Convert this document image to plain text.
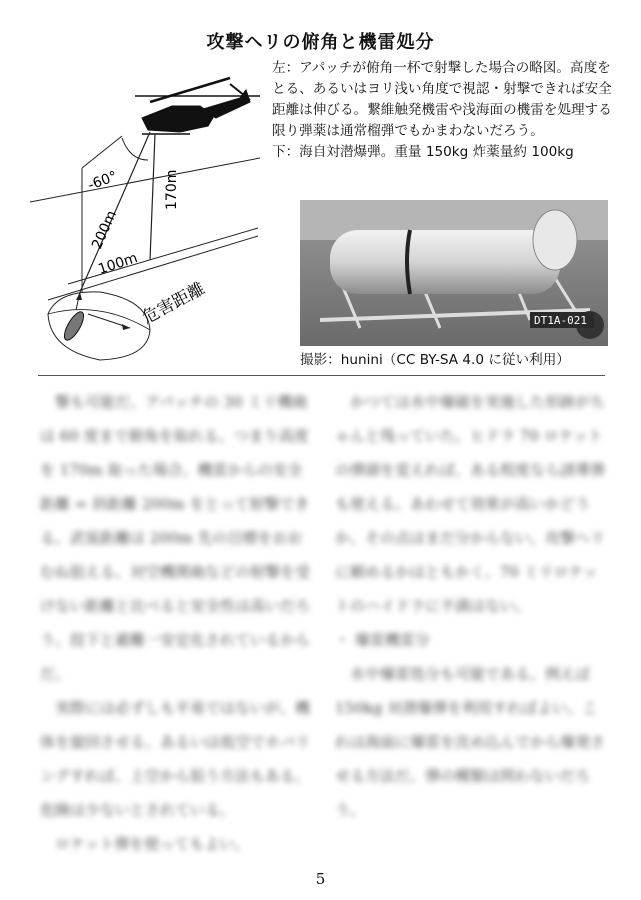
攻撃ヘリの俯角と機雷処分
-60°
200m
170m
100m
危害距離

左：アパッチが俯角一杯で射撃した場合の略図。高度をとる、あるいはヨリ浅い角度で視認・射撃できれば安全距離は伸びる。繋維触発機雷や浅海面の機雷を処理する限り弾薬は通常榴弾でもかまわないだろう。

下：海自対潜爆弾。重量 150kg 炸薬量約 100kg

DT1A-021
撮影：hunini（CC BY-SA 4.0 に従い利用）

撃も可能だ。アパッチの 30 ミリ機砲は 60 度まで俯角を取れる。つまり高度を 170m 取った場合、機雷からの安全距離 = 斜距離 200m をとって射撃できる。武装距離は 200m 先の目標をおおむね狙える。対空機関砲などの射撃を受けない距離と比べると安全性は高いだろう。投下と避難一安定化されているからだ。

実際には必ずしも平易ではないが、機体を旋回させる、あるいは低空でホバリングすれば、上空から狙う方法もある。危険は少ないとされている。

ロケット弾を使ってもよい。

かつては水中爆破を実施した形跡がちゃんと残っていた。ヒドラ 70 ロケットの弾頭を変えれば、ある程度なら誘導弾も使える。あわせて効果が高いかどうか、その点はまだ分からない。攻撃ヘリに頼めるかはともかく、70 ミリロケットのハイドラに不満はない。

・ 爆雷機雷分

水中爆雷処分も可能である。例えば 150kg 対潜爆弾を利用すればよい。これは海面に爆雷を沈め込んでから爆発させる方法だ。弾の種類は問わないだろう。

5
